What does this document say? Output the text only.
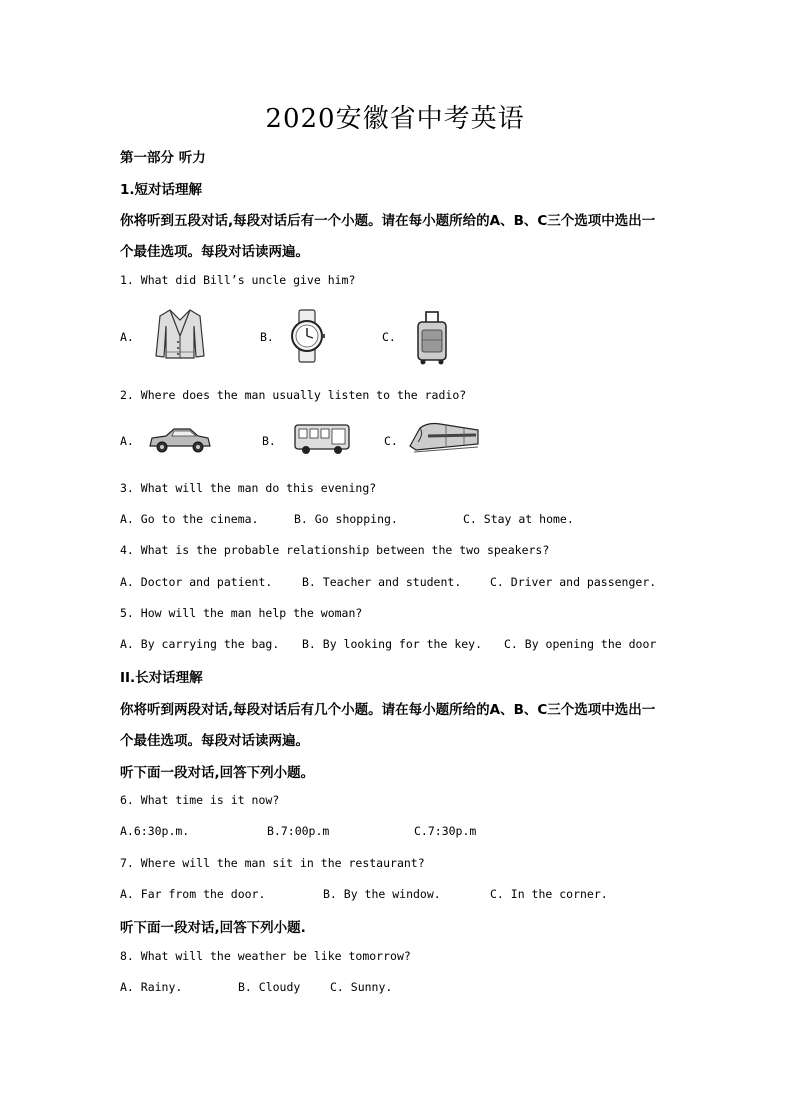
2020安徽省中考英语
第一部分 听力
1.短对话理解
你将听到五段对话,每段对话后有一个小题。请在每小题所给的A、B、C三个选项中选出一
个最佳选项。每段对话读两遍。
1. What did Bill’s uncle give him?
A.	B.	C.
2. Where does the man usually listen to the radio?
A.	B.	C.
3. What will the man do this evening?
A. Go to the cinema.	B. Go shopping.	C. Stay at home.
4. What is the probable relationship between the two speakers?
A. Doctor and patient.	B. Teacher and student.	C. Driver and passenger.
5. How will the man help the woman?
A. By carrying the bag. B. By looking for the key. C. By opening the door
II.长对话理解
你将听到两段对话,每段对话后有几个小题。请在每小题所给的A、B、C三个选项中选出一
个最佳选项。每段对话读两遍。
听下面一段对话,回答下列小题。
6. What time is it now?
A.6:30p.m.	B.7:00p.m	C.7:30p.m
7. Where will the man sit in the restaurant?
A. Far from the door.	B. By the window.	C. In the corner.
听下面一段对话,回答下列小题.
8. What will the weather be like tomorrow?
A. Rainy.	B. Cloudy	C. Sunny.
